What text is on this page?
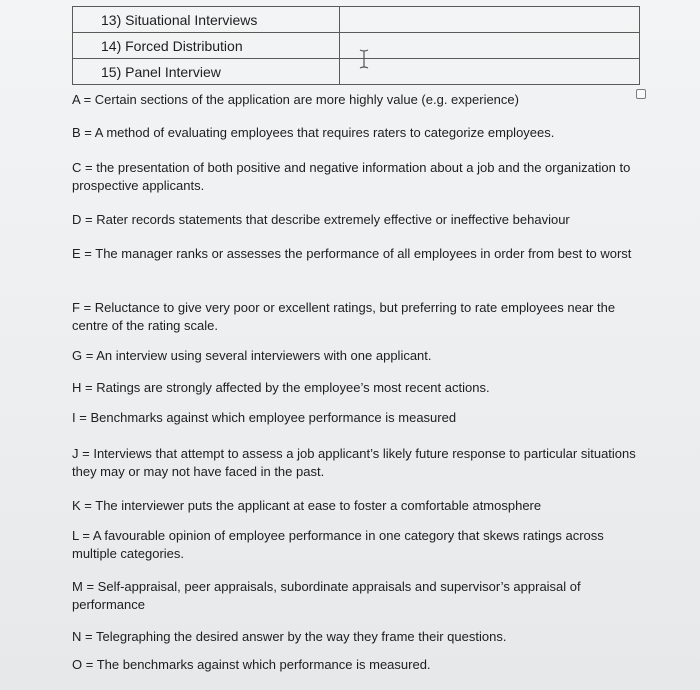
13) Situational Interviews	
14) Forced Distribution	
15) Panel Interview	

A = Certain sections of the application are more highly value (e.g. experience)

B = A method of evaluating employees that requires raters to categorize employees.

C = the presentation of both positive and negative information about a job and the organization to prospective applicants.

D = Rater records statements that describe extremely effective or ineffective behaviour

E = The manager ranks or assesses the performance of all employees in order from best to worst

F = Reluctance to give very poor or excellent ratings, but preferring to rate employees near the centre of the rating scale.

G = An interview using several interviewers with one applicant.

H = Ratings are strongly affected by the employee’s most recent actions.

I = Benchmarks against which employee performance is measured

J = Interviews that attempt to assess a job applicant’s likely future response to particular situations they may or may not have faced in the past.

K = The interviewer puts the applicant at ease to foster a comfortable atmosphere

L = A favourable opinion of employee performance in one category that skews ratings across multiple categories.

M = Self-appraisal, peer appraisals, subordinate appraisals and supervisor’s appraisal of performance

N = Telegraphing the desired answer by the way they frame their questions.

O = The benchmarks against which performance is measured.
